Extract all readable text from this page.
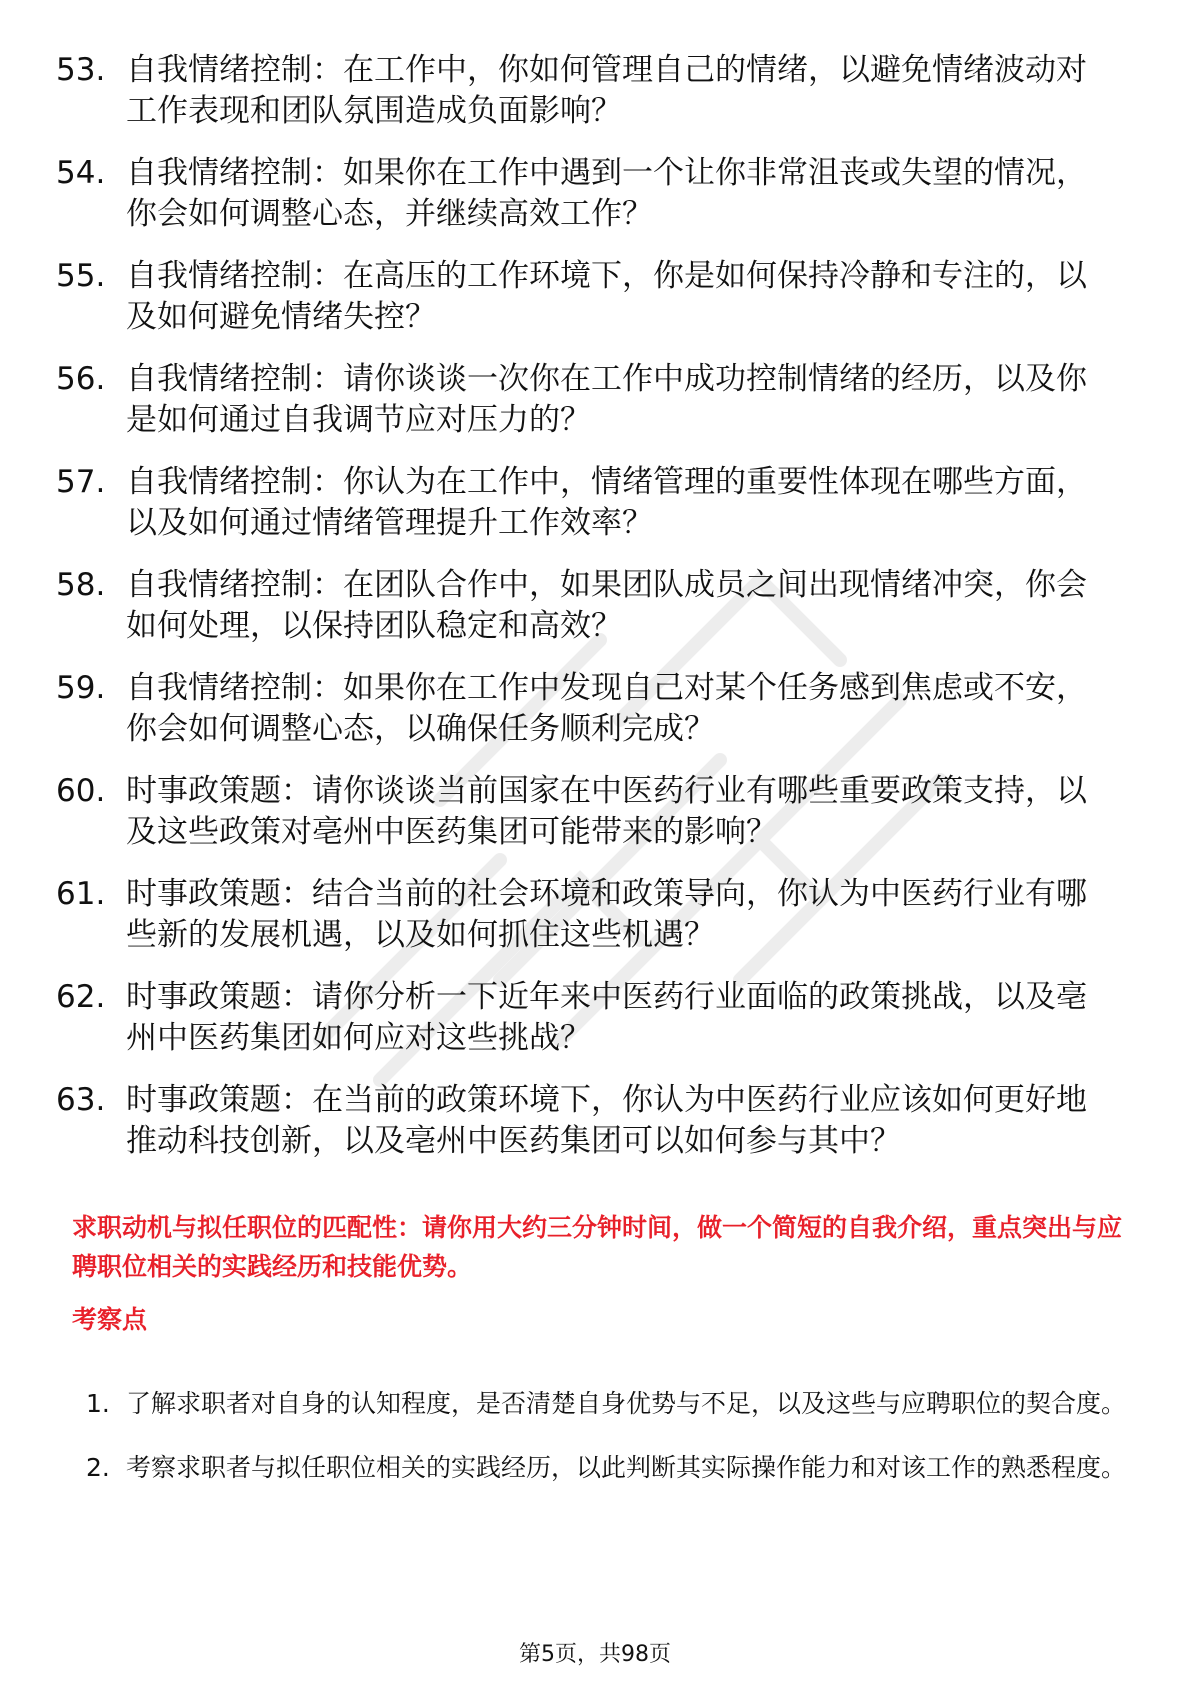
53. 自我情绪控制：在工作中，你如何管理自己的情绪，以避免情绪波动对工作表现和团队氛围造成负面影响？
54. 自我情绪控制：如果你在工作中遇到一个让你非常沮丧或失望的情况，你会如何调整心态，并继续高效工作？
55. 自我情绪控制：在高压的工作环境下，你是如何保持冷静和专注的，以及如何避免情绪失控？
56. 自我情绪控制：请你谈谈一次你在工作中成功控制情绪的经历，以及你是如何通过自我调节应对压力的？
57. 自我情绪控制：你认为在工作中，情绪管理的重要性体现在哪些方面，以及如何通过情绪管理提升工作效率？
58. 自我情绪控制：在团队合作中，如果团队成员之间出现情绪冲突，你会如何处理，以保持团队稳定和高效？
59. 自我情绪控制：如果你在工作中发现自己对某个任务感到焦虑或不安，你会如何调整心态，以确保任务顺利完成？
60. 时事政策题：请你谈谈当前国家在中医药行业有哪些重要政策支持，以及这些政策对亳州中医药集团可能带来的影响？
61. 时事政策题：结合当前的社会环境和政策导向，你认为中医药行业有哪些新的发展机遇，以及如何抓住这些机遇？
62. 时事政策题：请你分析一下近年来中医药行业面临的政策挑战，以及亳州中医药集团如何应对这些挑战？
63. 时事政策题：在当前的政策环境下，你认为中医药行业应该如何更好地推动科技创新，以及亳州中医药集团可以如何参与其中？
求职动机与拟任职位的匹配性：请你用大约三分钟时间，做一个简短的自我介绍，重点突出与应聘职位相关的实践经历和技能优势。
考察点
1. 了解求职者对自身的认知程度，是否清楚自身优势与不足，以及这些与应聘职位的契合度。
2. 考察求职者与拟任职位相关的实践经历，以此判断其实际操作能力和对该工作的熟悉程度。
第5页，共98页
